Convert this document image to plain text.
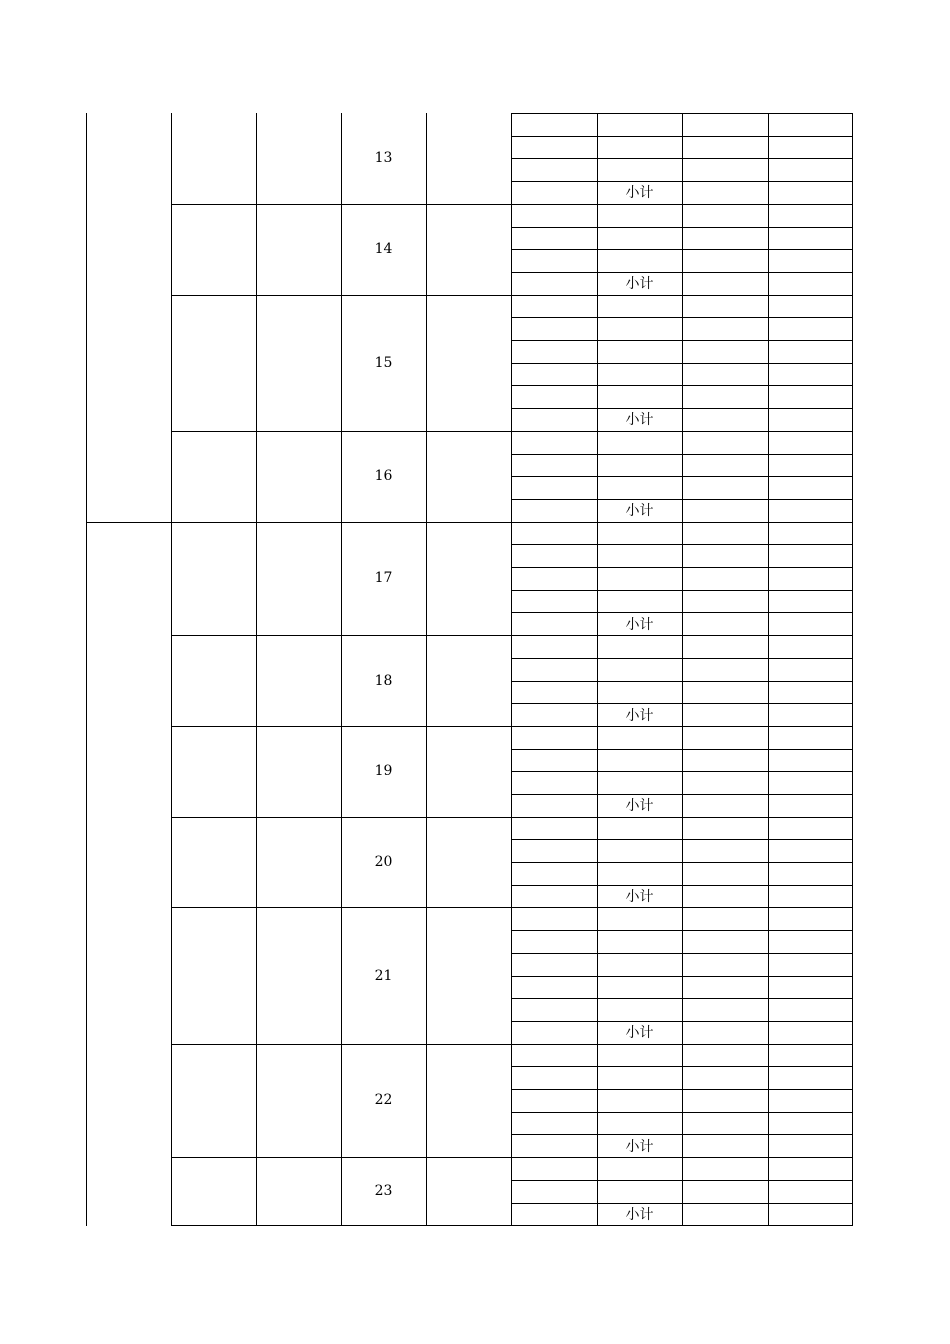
13
小计
14
小计
15
小计
16
小计
17
小计
18
小计
19
小计
20
小计
21
小计
22
小计
23
小计
